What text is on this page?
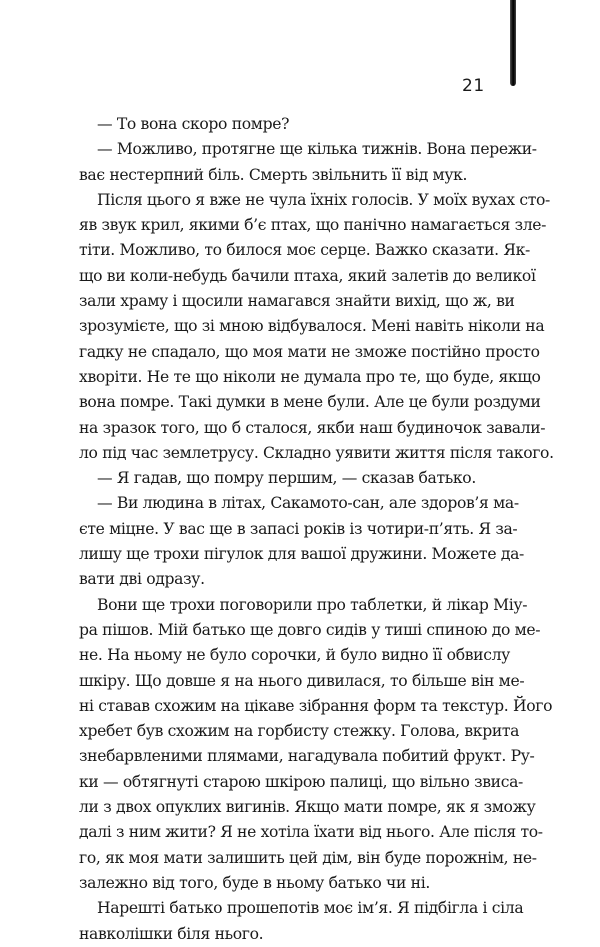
21

— То вона скоро помре?

— Можливо, протягне ще кілька тижнів. Вона пережи-
ває нестерпний біль. Смерть звільнить її від мук.

Після цього я вже не чула їхніх голосів. У моїх вухах сто-
яв звук крил, якими б’є птах, що панічно намагається зле-
тіти. Можливо, то билося моє серце. Важко сказати. Як-
що ви коли-небудь бачили птаха, який залетів до великої
зали храму і щосили намагався знайти вихід, що ж, ви
зрозумієте, що зі мною відбувалося. Мені навіть ніколи на
гадку не спадало, що моя мати не зможе постійно просто
хворіти. Не те що ніколи не думала про те, що буде, якщо
вона помре. Такі думки в мене були. Але це були роздуми
на зразок того, що б сталося, якби наш будиночок завали-
ло під час землетрусу. Складно уявити життя після такого.

— Я гадав, що помру першим, — сказав батько.

— Ви людина в літах, Сакамото-сан, але здоров’я ма-
єте міцне. У вас ще в запасі років із чотири-п’ять. Я за-
лишу ще трохи пігулок для вашої дружини. Можете да-
вати дві одразу.

Вони ще трохи поговорили про таблетки, й лікар Міу-
ра пішов. Мій батько ще довго сидів у тиші спиною до ме-
не. На ньому не було сорочки, й було видно її обвислу
шкіру. Що довше я на нього дивилася, то більше він ме-
ні ставав схожим на цікаве зібрання форм та текстур. Його
хребет був схожим на горбисту стежку. Голова, вкрита
знебарвленими плямами, нагадувала побитий фрукт. Ру-
ки — обтягнуті старою шкірою палиці, що вільно звиса-
ли з двох опуклих вигинів. Якщо мати помре, як я зможу
далі з ним жити? Я не хотіла їхати від нього. Але після то-
го, як моя мати залишить цей дім, він буде порожнім, не-
залежно від того, буде в ньому батько чи ні.

Нарешті батько прошепотів моє ім’я. Я підбігла і сіла
навколішки біля нього.
